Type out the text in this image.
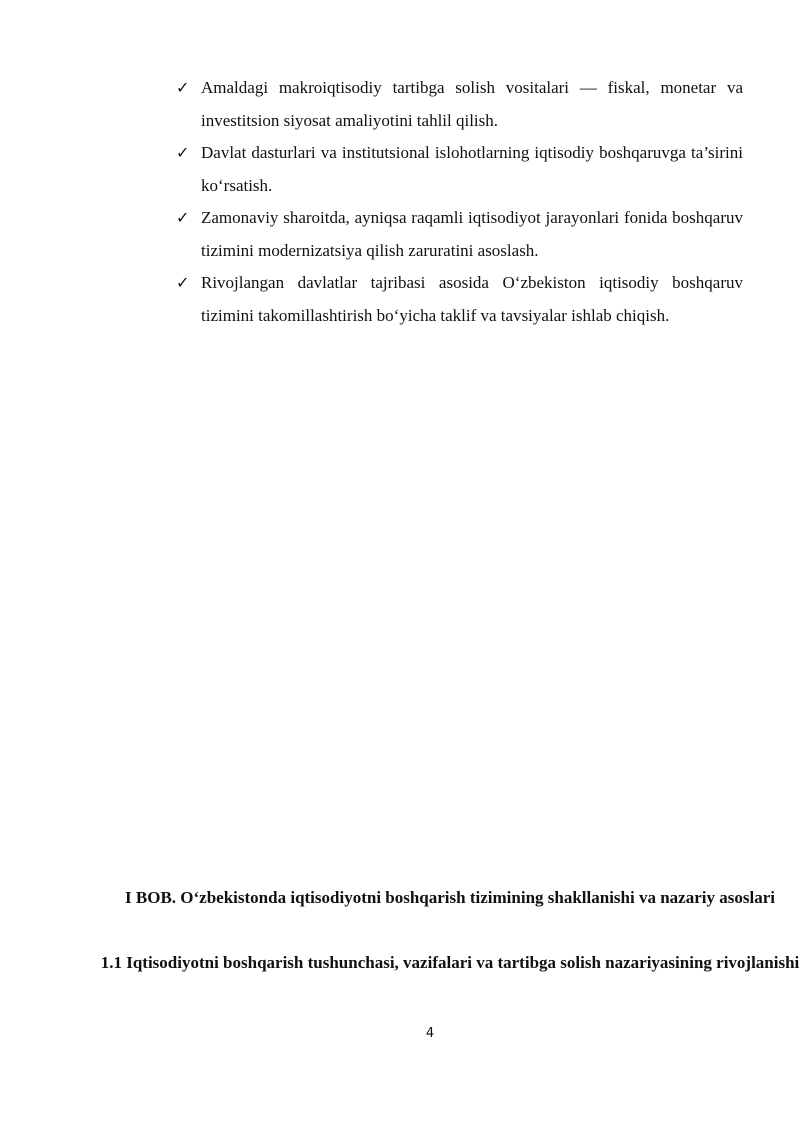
✓ Amaldagi makroiqtisodiy tartibga solish vositalari — fiskal, monetar va investitsion siyosat amaliyotini tahlil qilish.
✓ Davlat dasturlari va institutsional islohotlarning iqtisodiy boshqaruvga ta’sirini ko‘rsatish.
✓ Zamonaviy sharoitda, ayniqsa raqamli iqtisodiyot jarayonlari fonida boshqaruv tizimini modernizatsiya qilish zaruratini asoslash.
✓ Rivojlangan davlatlar tajribasi asosida O‘zbekiston iqtisodiy boshqaruv tizimini takomillashtirish bo‘yicha taklif va tavsiyalar ishlab chiqish.
I BOB. O‘zbekistonda iqtisodiyotni boshqarish tizimining shakllanishi va nazariy asoslari
1.1 Iqtisodiyotni boshqarish tushunchasi, vazifalari va tartibga solish nazariyasining rivojlanishi
4
